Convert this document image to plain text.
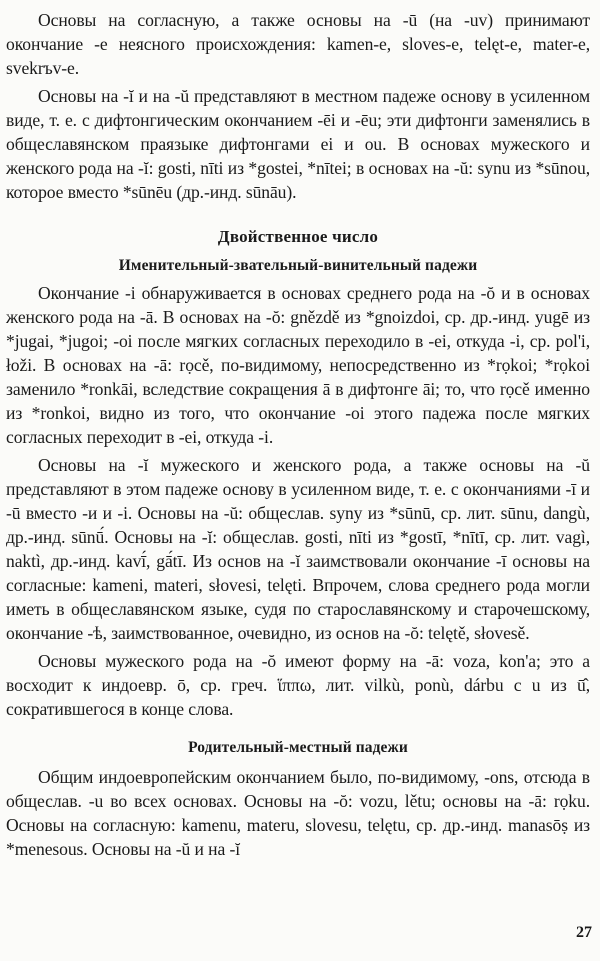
Основы на согласную, а также основы на -ū (на -uv) принимают окончание -е неясного происхождения: kamen-e, sloves-e, telęt-e, mater-e, svekrъv-e.

Основы на -ĭ и на -ŭ представляют в местном падеже основу в усиленном виде, т. е. с дифтонгическим окончанием -ēi и -ēu; эти дифтонги заменялись в общеславянском праязыке дифтонгами ei и ou. В основах мужеского и женского рода на -ĭ: gosti, nīti из *gostei, *nītei; в основах на -ŭ: synu из *sūnou, которое вместо *sūnēu (др.-инд. sūnāu).

Двойственное число
Именительный-звательный-винительный падежи

Окончание -i обнаруживается в основах среднего рода на -ŏ и в основах женского рода на -ā. В основах на -ŏ: gnězdě из *gnoizdoi, ср. др.-инд. yugē из *jugai, *jugoi; -oi после мягких согласных переходило в -ei, откуда -i, ср. pol'i, łoži. В основах на -ā: rọcě, по-видимому, непосредственно из *rọkoi; *rọkoi заменило *ronkāi, вследствие сокращения ā в дифтонге āi; то, что rọcě именно из *ronkoi, видно из того, что окончание -oi этого падежа после мягких согласных переходит в -ei, откуда -i.

Основы на -ĭ мужеского и женского рода, а также основы на -ŭ представляют в этом падеже основу в усиленном виде, т. е. с окончаниями -ī и -ū вместо -и и -i. Основы на -ŭ: общеслав. syny из *sūnū, ср. лит. sūnu, dangù, др.-инд. sūnū́. Основы на -ĭ: общеслав. gosti, nīti из *gostī, *nītī, ср. лит. vagì, naktì, др.-инд. kavī́, gā́tī. Из основ на -ĭ заимствовали окончание -ī основы на согласные: kameni, materi, słovesi, telęti. Впрочем, слова среднего рода могли иметь в общеславянском языке, судя по старославянскому и старочешскому, окончание -ѣ, заимствованное, очевидно, из основ на -ŏ: telętě, słovesě.

Основы мужеского рода на -ŏ имеют форму на -ā: voza, kon'a; это a восходит к индоевр. ō, ср. греч. ἵππω, лит. vilkù, ponù, dárbu с u из ū̂, сократившегося в конце слова.

Родительный-местный падежи

Общим индоевропейским окончанием было, по-видимому, -ons, отсюда в общеслав. -u во всех основах. Основы на -ŏ: vozu, lětu; основы на -ā: rọku. Основы на согласную: kamenu, materu, slovesu, telętu, ср. др.-инд. manasōṣ из *menesous. Основы на -ŭ и на -ĭ

27
